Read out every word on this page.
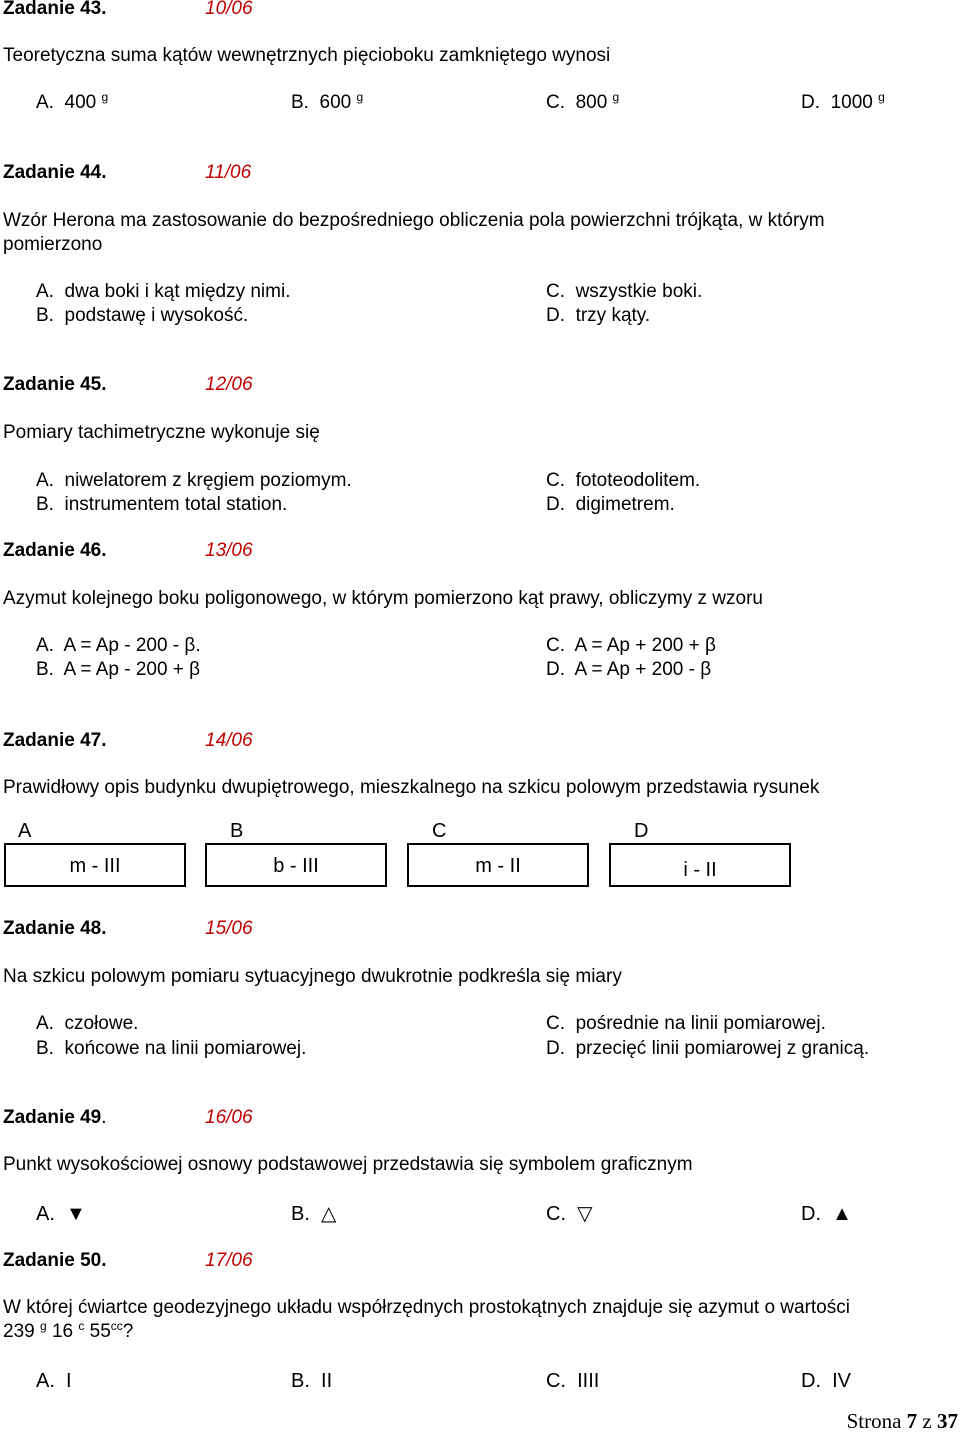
Zadanie 43.	10/06
Teoretyczna suma kątów wewnętrznych pięcioboku zamkniętego wynosi
A. 400 $^g$	B. 600 $^g$	C. 800 $^g$	D. 1000 $^g$
Zadanie 44.	11/06
Wzór Herona ma zastosowanie do bezpośredniego obliczenia pola powierzchni trójkąta, w którym
pomierzono
A. dwa boki i kąt między nimi.
B. podstawę i wysokość.
C. wszystkie boki.
D. trzy kąty.
Zadanie 45.	12/06
Pomiary tachimetryczne wykonuje się
A. niwelatorem z kręgiem poziomym.
B. instrumentem total station.
C. fototeodolitem.
D. digimetrem.
Zadanie 46.	13/06
Azymut kolejnego boku poligonowego, w którym pomierzono kąt prawy, obliczymy z wzoru
A. A = Ap - 200 - β.
B. A = Ap - 200 + β
C. A = Ap + 200 + β
D. A = Ap + 200 - β
Zadanie 47.	14/06
Prawidłowy opis budynku dwupiętrowego, mieszkalnego na szkicu polowym przedstawia rysunek
A	B	C	D
m - III	b - III	m - II	i - II
Zadanie 48.	15/06
Na szkicu polowym pomiaru sytuacyjnego dwukrotnie podkreśla się miary
A. czołowe.
B. końcowe na linii pomiarowej.
C. pośrednie na linii pomiarowej.
D. przecięć linii pomiarowej z granicą.
Zadanie 49.	16/06
Punkt wysokościowej osnowy podstawowej przedstawia się symbolem graficznym
A. ▼	B. △	C. ▽	D. ▲
Zadanie 50.	17/06
W której ćwiartce geodezyjnego układu współrzędnych prostokątnych znajduje się azymut o wartości
239 $^g$ 16 $^c$ $55^{cc}$?
A. I	B. II	C. IIII	D. IV
Strona 7 z 37
